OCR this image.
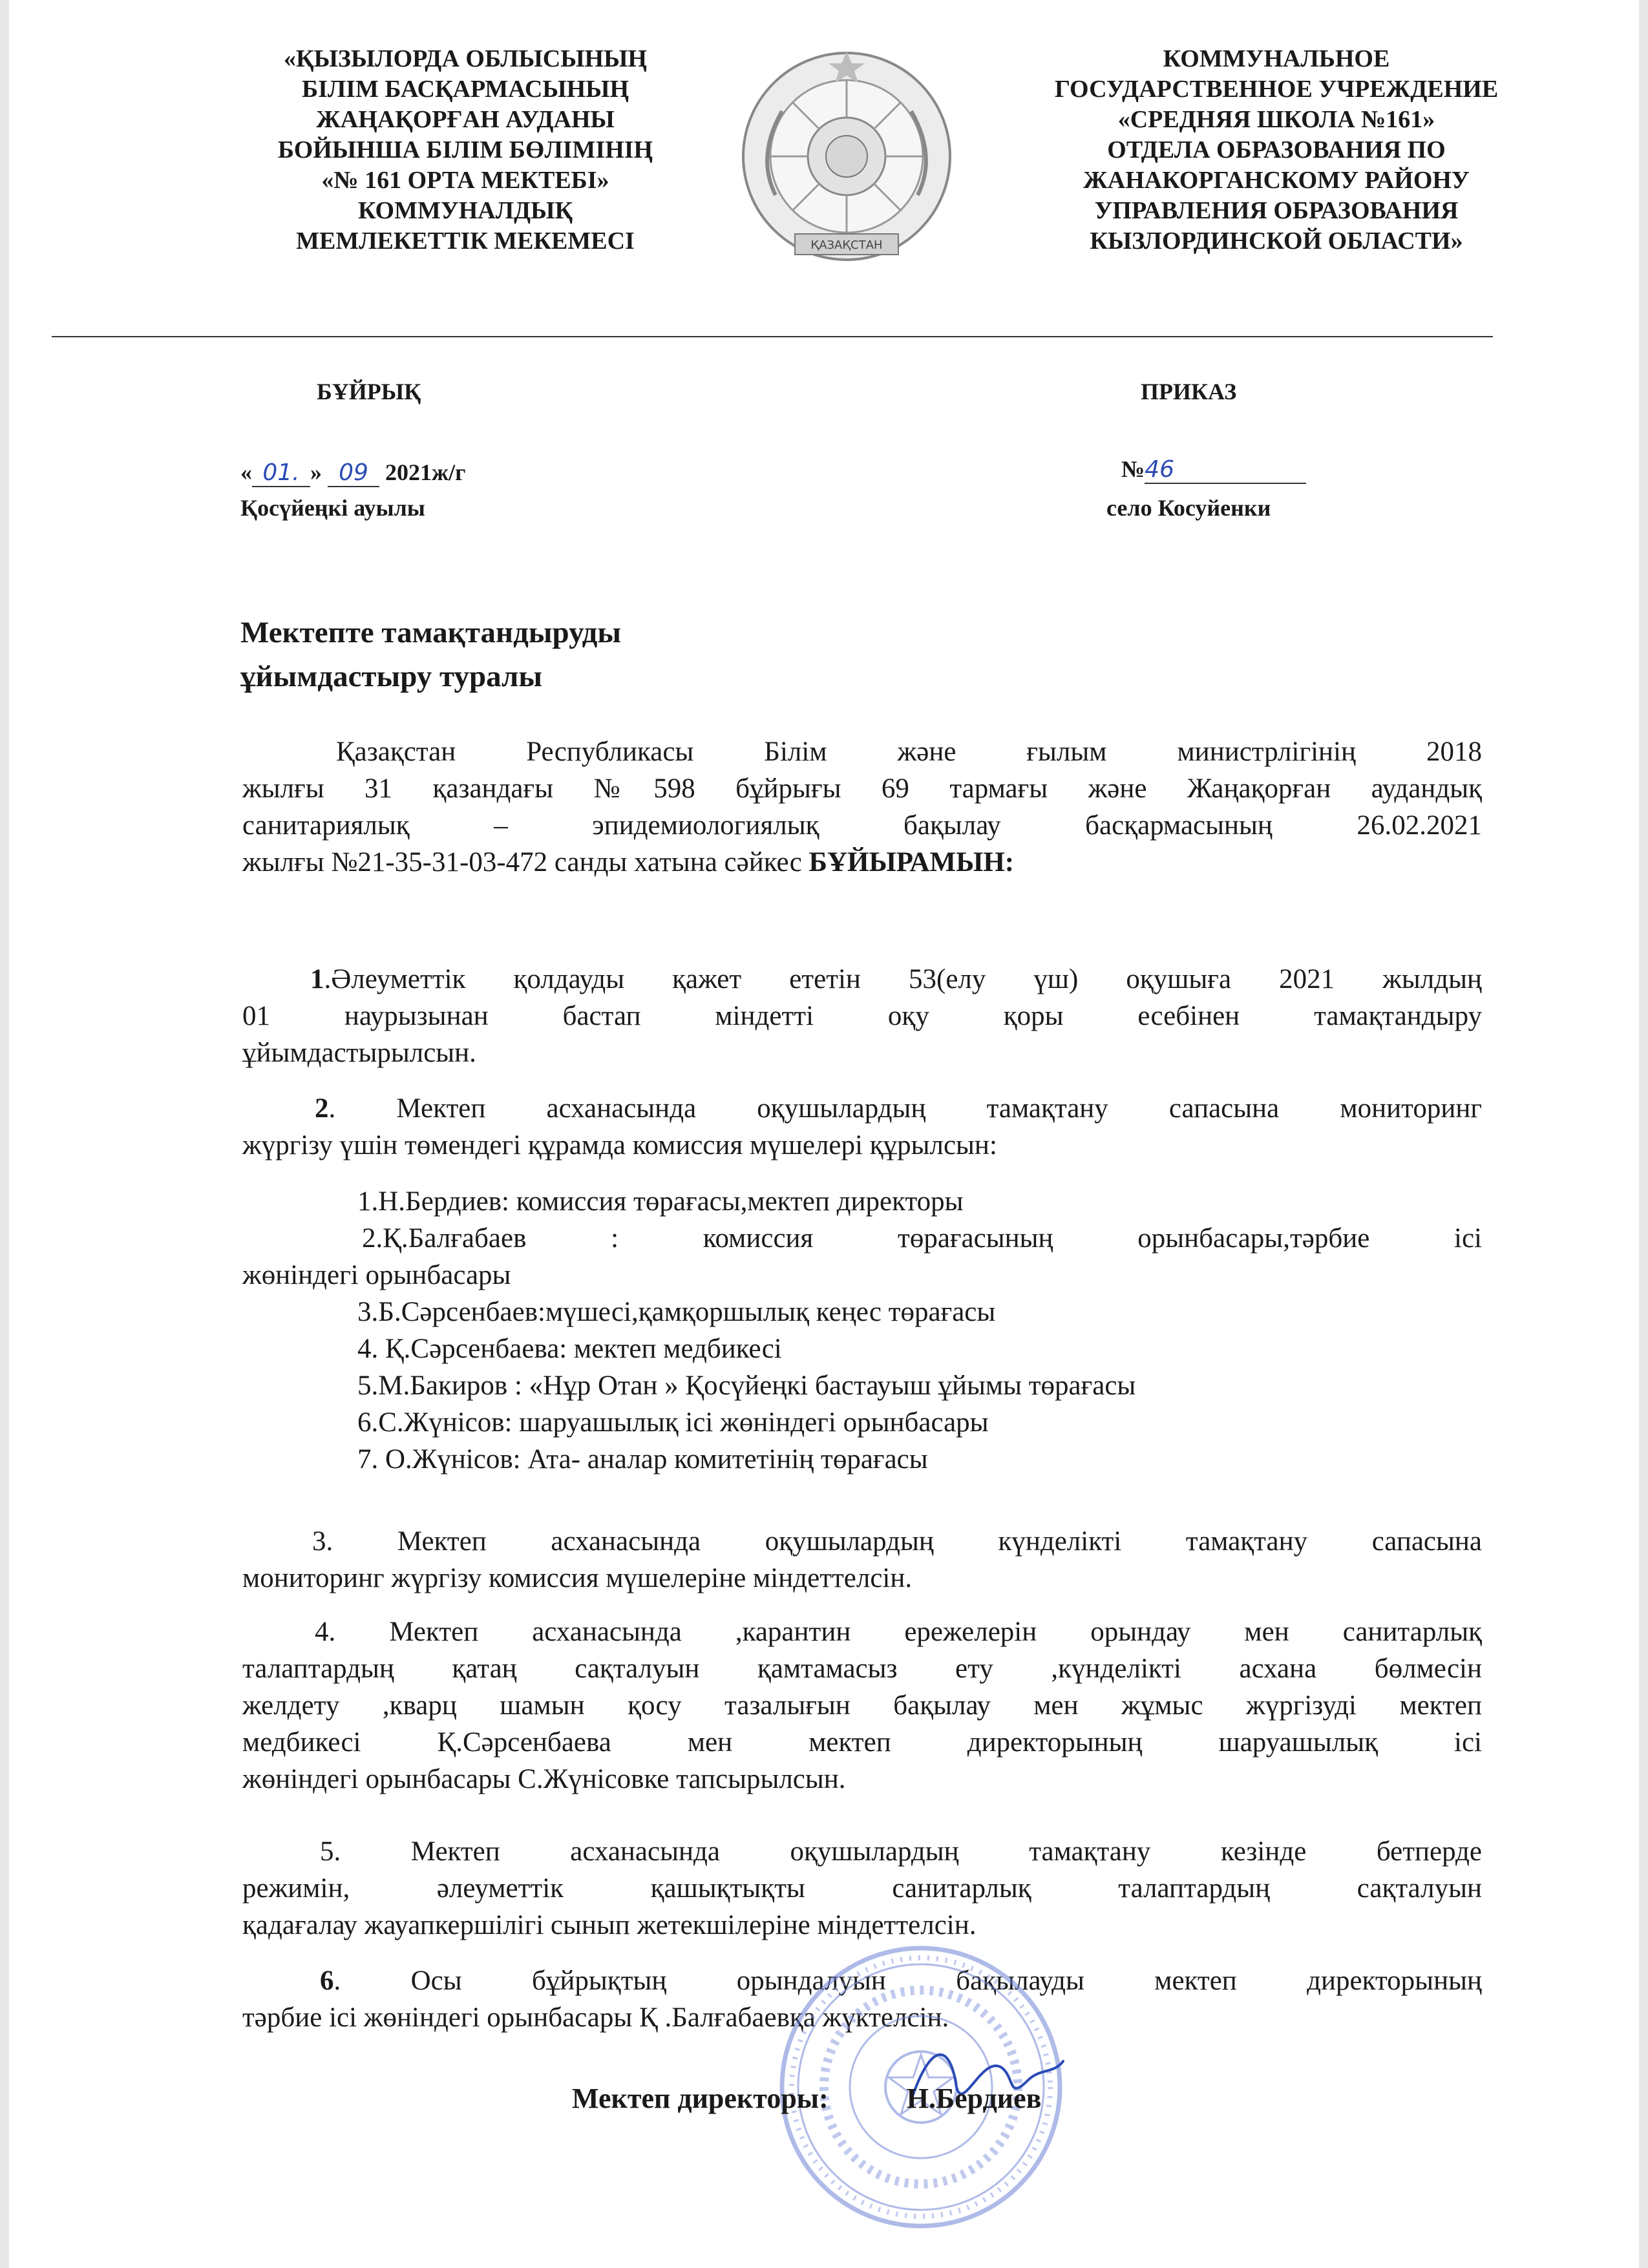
«ҚЫЗЫЛОРДА ОБЛЫСЫНЫҢ
БІЛІМ БАСҚАРМАСЫНЫҢ
ЖАҢАҚОРҒАН АУДАНЫ
БОЙЫНША БІЛІМ БӨЛІМІНІҢ
«№ 161 ОРТА МЕКТЕБІ»
КОММУНАЛДЫҚ
МЕМЛЕКЕТТІК МЕКЕМЕСІ	ҚАЗАҚСТАН
КОММУНАЛЬНОЕ
ГОСУДАРСТВЕННОЕ УЧРЕЖДЕНИЕ
«СРЕДНЯЯ ШКОЛА №161»
ОТДЕЛА ОБРАЗОВАНИЯ ПО
ЖАНАКОРГАНСКОМУ РАЙОНУ
УПРАВЛЕНИЯ ОБРАЗОВАНИЯ
КЫЗЛОРДИНСКОЙ ОБЛАСТИ»
БҰЙРЫҚ	ПРИКАЗ
« 01. » 09 2021ж/г
Қосүйеңкі ауылы
№46
село Косуйенки
Мектепте тамақтандыруды
ұйымдастыру туралы
Қазақстан Республикасы Білім және ғылым министрлігінің 2018
жылғы 31 қазандағы №598 бұйрығы 69 тармағы және Жаңақорған аудандық
санитариялық – эпидемиологиялық бақылау басқармасының 26.02.2021
жылғы №21-35-31-03-472 санды хатына сәйкес БҰЙЫРАМЫН:
1.Әлеуметтік қолдауды қажет ететін 53(елу үш) оқушыға 2021 жылдың
01 наурызынан бастап міндетті оқу қоры есебінен тамақтандыру
ұйымдастырылсын.
2. Мектеп асханасында оқушылардың тамақтану сапасына мониторинг
жүргізу үшін төмендегі құрамда комиссия мүшелері құрылсын:
1.Н.Бердиев: комиссия төрағасы,мектеп директоры
2.Қ.Балғабаев : комиссия төрағасының орынбасары,тәрбие ісі
жөніндегі орынбасары
3.Б.Сәрсенбаев:мүшесі,қамқоршылық кеңес төрағасы
4. Қ.Сәрсенбаева: мектеп медбикесі
5.М.Бакиров : «Нұр Отан » Қосүйеңкі бастауыш ұйымы төрағасы
6.С.Жүнісов: шаруашылық ісі жөніндегі орынбасары
7. О.Жүнісов: Ата- аналар комитетінің төрағасы
3. Мектеп асханасында оқушылардың күнделікті тамақтану сапасына
мониторинг жүргізу комиссия мүшелеріне міндеттелсін.
4. Мектеп асханасында ,карантин ережелерін орындау мен санитарлық
талаптардың қатаң сақталуын қамтамасыз ету ,күнделікті асхана бөлмесін
желдету ,кварц шамын қосу тазалығын бақылау мен жұмыс жүргізуді мектеп
медбикесі Қ.Сәрсенбаева мен мектеп директорының шаруашылық ісі
жөніндегі орынбасары С.Жүнісовке тапсырылсын.
5. Мектеп асханасында оқушылардың тамақтану кезінде бетперде
режимін, әлеуметтік қашықтықты санитарлық талаптардың сақталуын
қадағалау жауапкершілігі сынып жетекшілеріне міндеттелсін.
6. Осы бұйрықтың орындалуын бақылауды мектеп директорының
тәрбие ісі жөніндегі орынбасары Қ .Балғабаевқа жүктелсін.
Мектеп директоры:	Н.Бердиев
